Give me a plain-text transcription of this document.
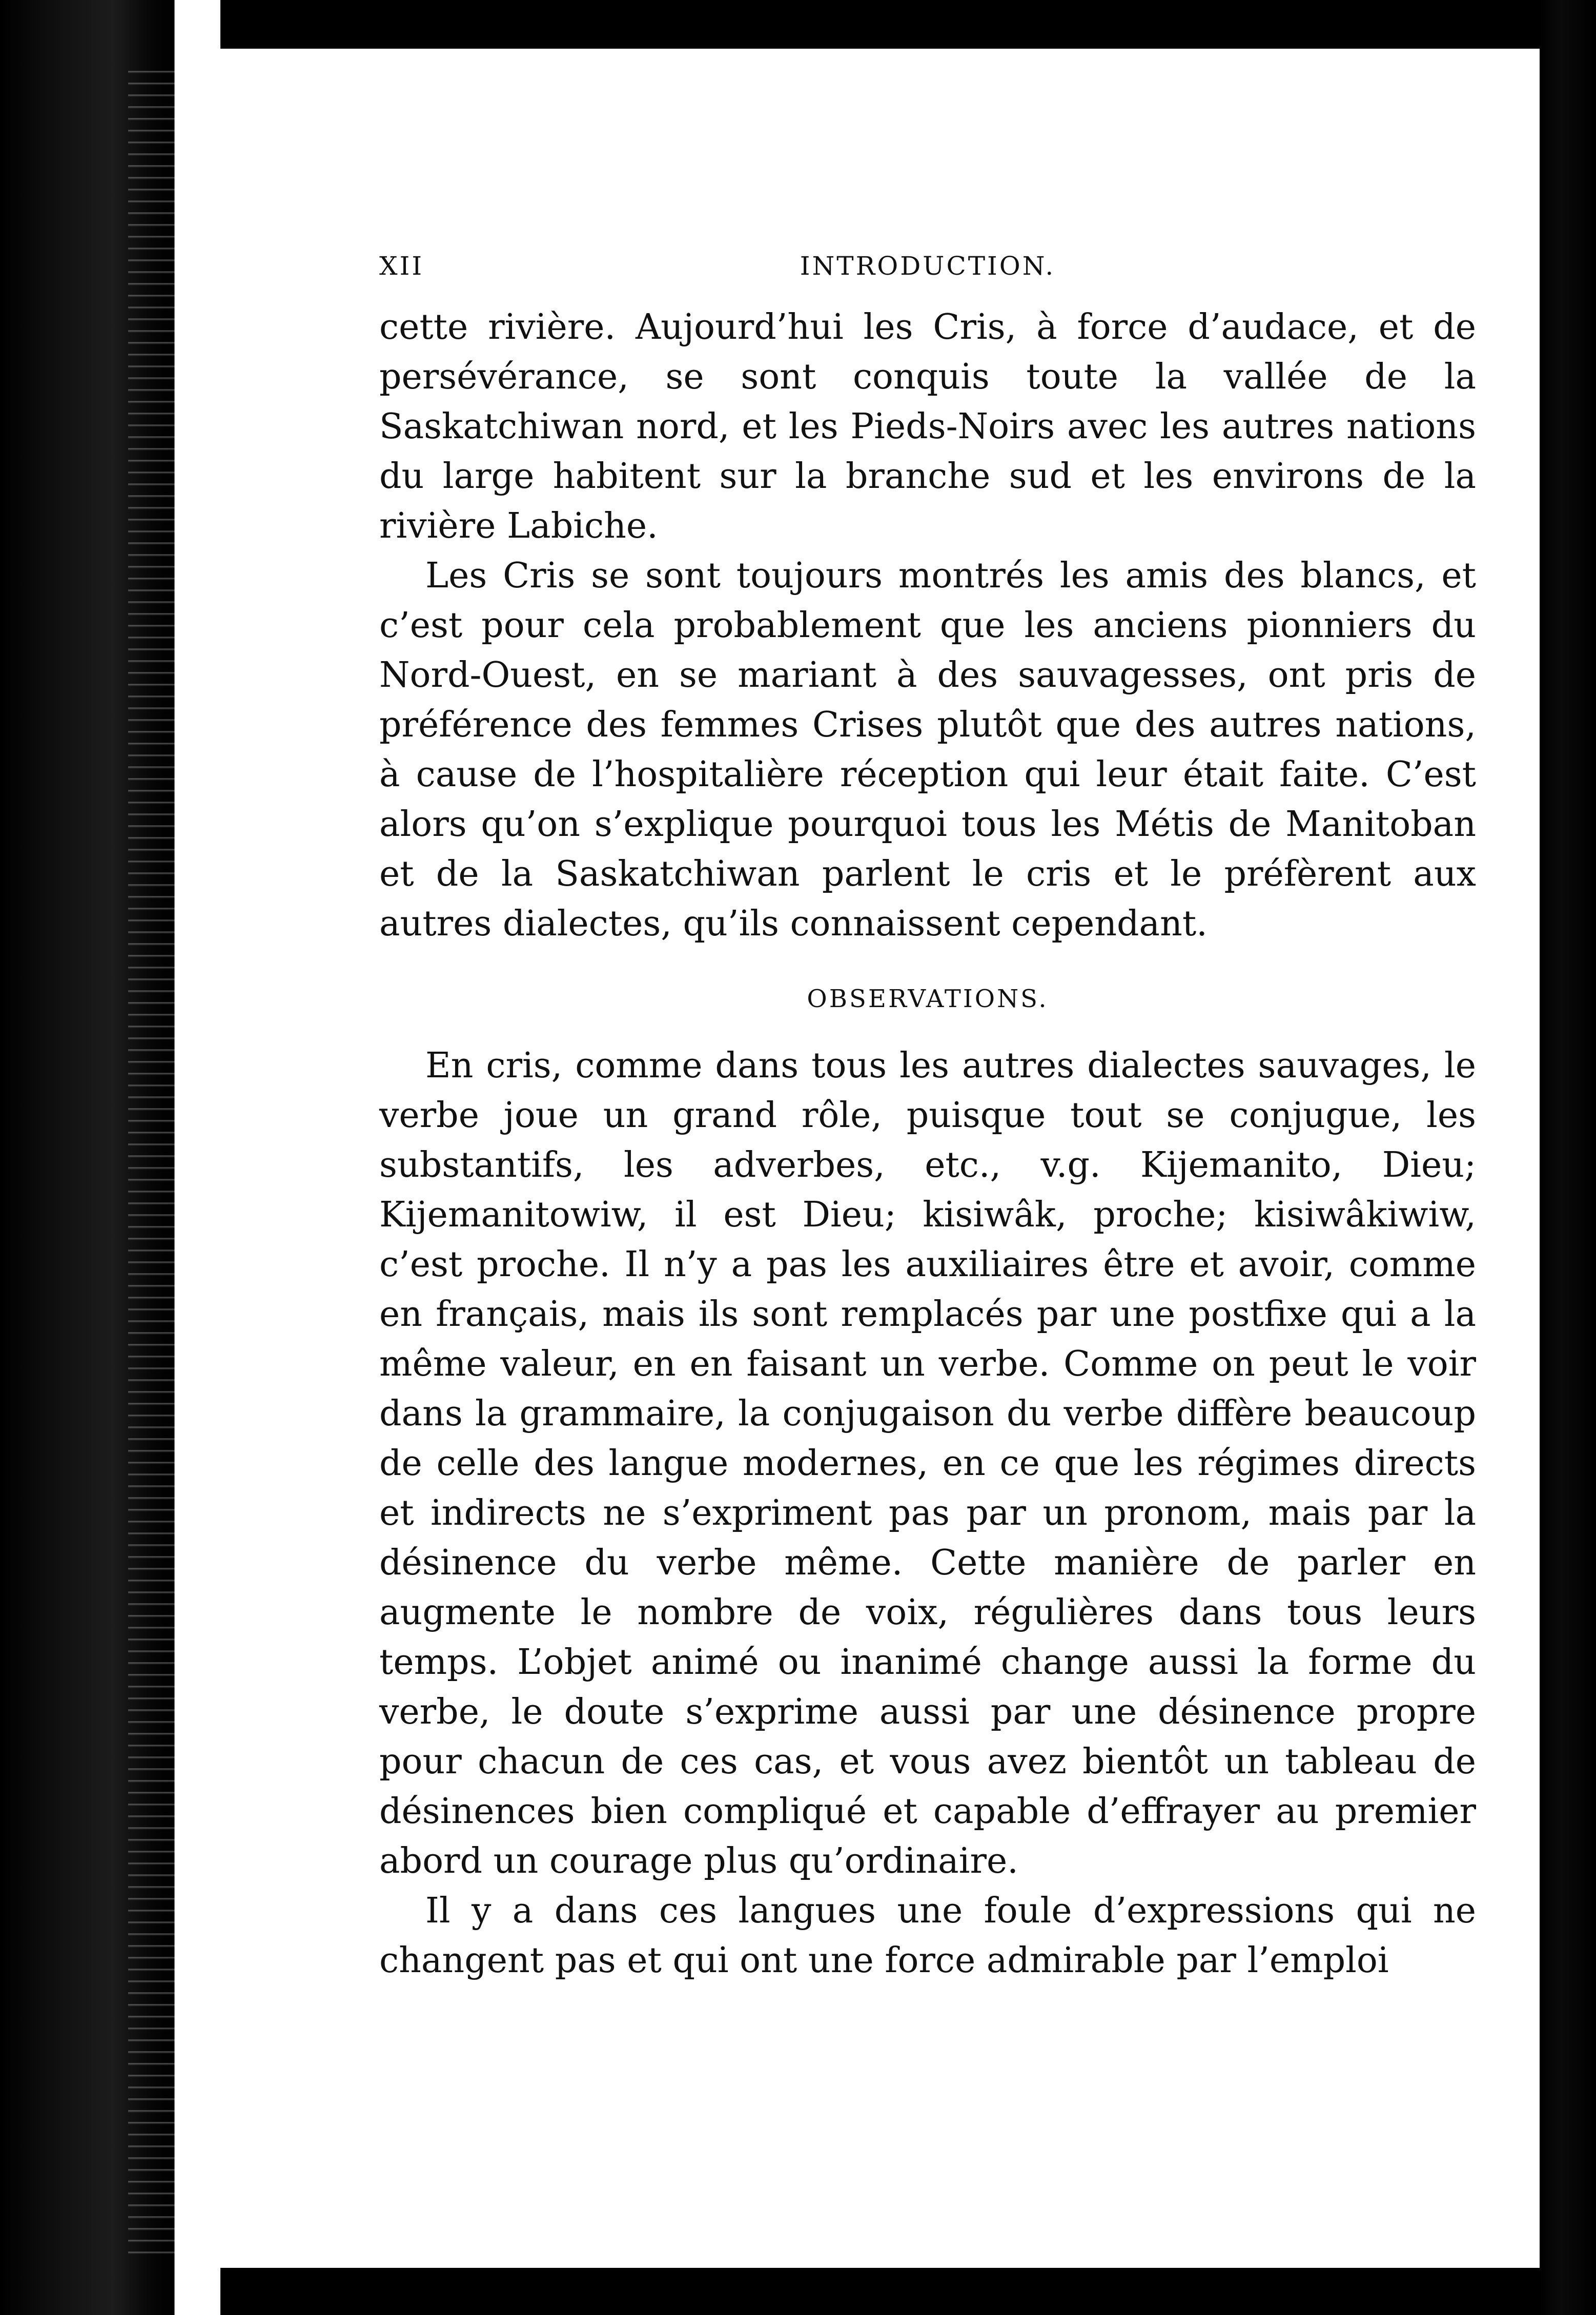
XII	INTRODUCTION.

cette rivière. Aujourd’hui les Cris, à force d’audace, et de persévérance, se sont conquis toute la vallée de la Saskatchiwan nord, et les Pieds-Noirs avec les autres nations du large habitent sur la branche sud et les environs de la rivière Labiche.

Les Cris se sont toujours montrés les amis des blancs, et c’est pour cela probablement que les anciens pionniers du Nord-Ouest, en se mariant à des sauvagesses, ont pris de préférence des femmes Crises plutôt que des autres nations, à cause de l’hospitalière réception qui leur était faite. C’est alors qu’on s’explique pourquoi tous les Métis de Manitoban et de la Saskatchiwan parlent le cris et le préfèrent aux autres dialectes, qu’ils connaissent cependant.

OBSERVATIONS.

En cris, comme dans tous les autres dialectes sauvages, le verbe joue un grand rôle, puisque tout se conjugue, les substantifs, les adverbes, etc., v.g. Kijemanito, Dieu; Kijemanitowiw, il est Dieu; kisiwâk, proche; kisiwâkiwiw, c’est proche. Il n’y a pas les auxiliaires être et avoir, comme en français, mais ils sont remplacés par une postfixe qui a la même valeur, en en faisant un verbe. Comme on peut le voir dans la grammaire, la conjugaison du verbe diffère beaucoup de celle des langue modernes, en ce que les régimes directs et indirects ne s’expriment pas par un pronom, mais par la désinence du verbe même. Cette manière de parler en augmente le nombre de voix, régulières dans tous leurs temps. L’objet animé ou inanimé change aussi la forme du verbe, le doute s’exprime aussi par une désinence propre pour chacun de ces cas, et vous avez bientôt un tableau de désinences bien compliqué et capable d’effrayer au premier abord un courage plus qu’ordinaire.

Il y a dans ces langues une foule d’expressions qui ne changent pas et qui ont une force admirable par l’emploi
